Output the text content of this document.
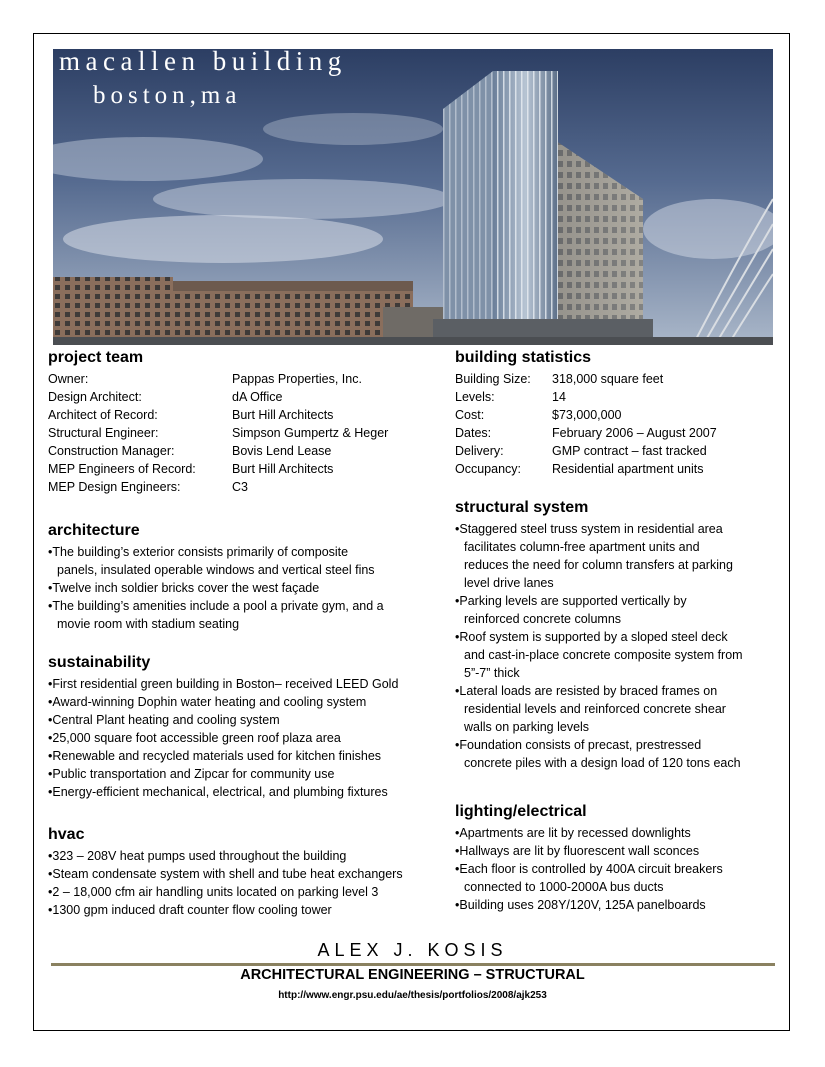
macallen building
boston,ma
project team
Owner:	Pappas Properties, Inc.
Design Architect:	dA Office
Architect of Record:	Burt Hill Architects
Structural Engineer:	Simpson Gumpertz & Heger
Construction Manager:	Bovis Lend Lease
MEP Engineers of Record:	Burt Hill Architects
MEP Design Engineers:	C3
building statistics
Building Size:	318,000 square feet
Levels:	14
Cost:	$73,000,000
Dates:	February 2006 – August 2007
Delivery:	GMP contract – fast tracked
Occupancy:	Residential apartment units
architecture
• The building’s exterior consists primarily of composite
panels, insulated operable windows and vertical steel fins
• Twelve inch soldier bricks cover the west façade
• The building’s amenities include a pool a private gym, and a
movie room with stadium seating
sustainability
• First residential green building in Boston– received LEED Gold
• Award-winning Dophin water heating and cooling system
• Central Plant heating and cooling system
• 25,000 square foot accessible green roof plaza area
• Renewable and recycled materials used for kitchen finishes
• Public transportation and Zipcar for community use
• Energy-efficient mechanical, electrical, and plumbing fixtures
hvac
• 323 – 208V heat pumps used throughout the building
• Steam condensate system with shell and tube heat exchangers
• 2 – 18,000 cfm air handling units located on parking level 3
• 1300 gpm induced draft counter flow cooling tower
structural system
• Staggered steel truss system in residential area
facilitates column-free apartment units and
reduces the need for column transfers at parking
level drive lanes
• Parking levels are supported vertically by
reinforced concrete columns
• Roof system is supported by a sloped steel deck
and cast-in-place concrete composite system from
5”-7” thick
• Lateral loads are resisted by braced frames on
residential levels and reinforced concrete shear
walls on parking levels
• Foundation consists of precast, prestressed
concrete piles with a design load of 120 tons each
lighting/electrical
• Apartments are lit by recessed downlights
• Hallways are lit by fluorescent wall sconces
• Each floor is controlled by 400A circuit breakers
connected to 1000-2000A bus ducts
• Building uses 208Y/120V, 125A panelboards
ALEX J. KOSIS
ARCHITECTURAL ENGINEERING – STRUCTURAL
http://www.engr.psu.edu/ae/thesis/portfolios/2008/ajk253
